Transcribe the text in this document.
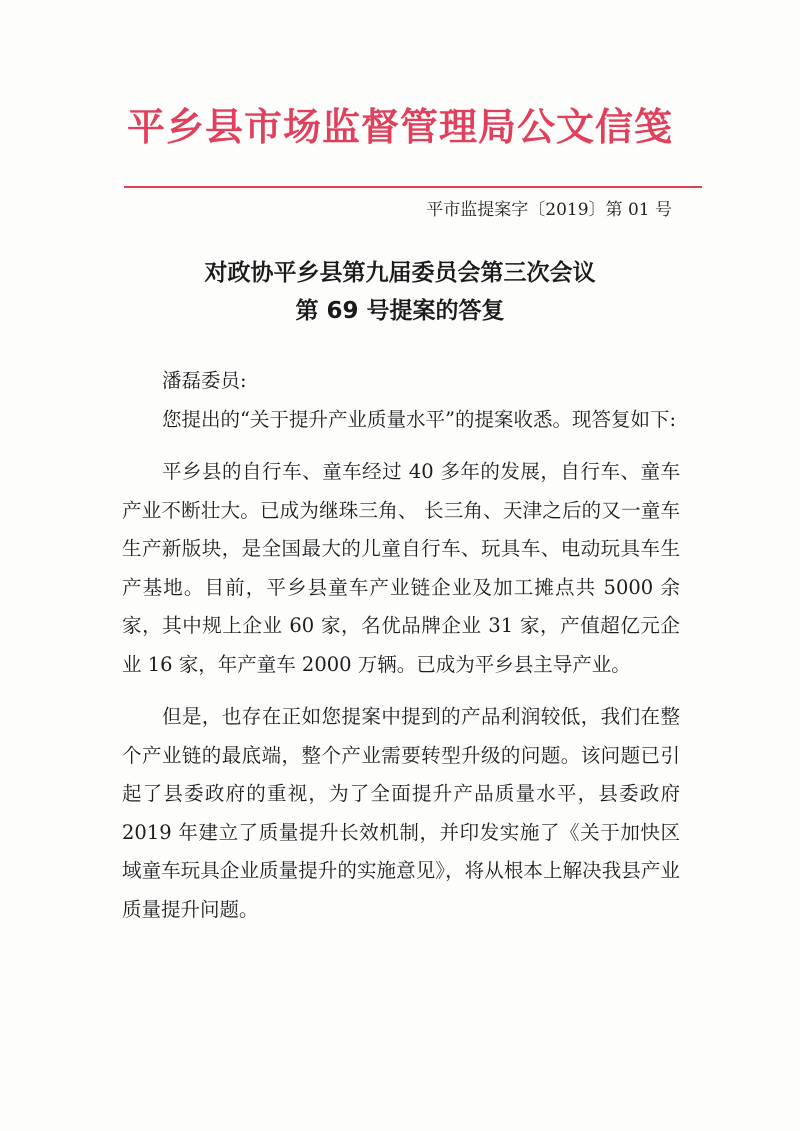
平乡县市场监督管理局公文信笺
平市监提案字〔2019〕第 01 号
对政协平乡县第九届委员会第三次会议
第 69 号提案的答复

潘磊委员:

您提出的“关于提升产业质量水平”的提案收悉。现答复如下:

平乡县的自行车、童车经过 40 多年的发展，自行车、童车产业不断壮大。已成为继珠三角、 长三角、天津之后的又一童车生产新版块，是全国最大的儿童自行车、玩具车、电动玩具车生产基地。目前，平乡县童车产业链企业及加工摊点共 5000 余家，其中规上企业 60 家，名优品牌企业 31 家，产值超亿元企业 16 家，年产童车 2000 万辆。已成为平乡县主导产业。

但是，也存在正如您提案中提到的产品利润较低，我们在整个产业链的最底端，整个产业需要转型升级的问题。该问题已引起了县委政府的重视，为了全面提升产品质量水平，县委政府 2019 年建立了质量提升长效机制，并印发实施了《关于加快区域童车玩具企业质量提升的实施意见》，将从根本上解决我县产业质量提升问题。
